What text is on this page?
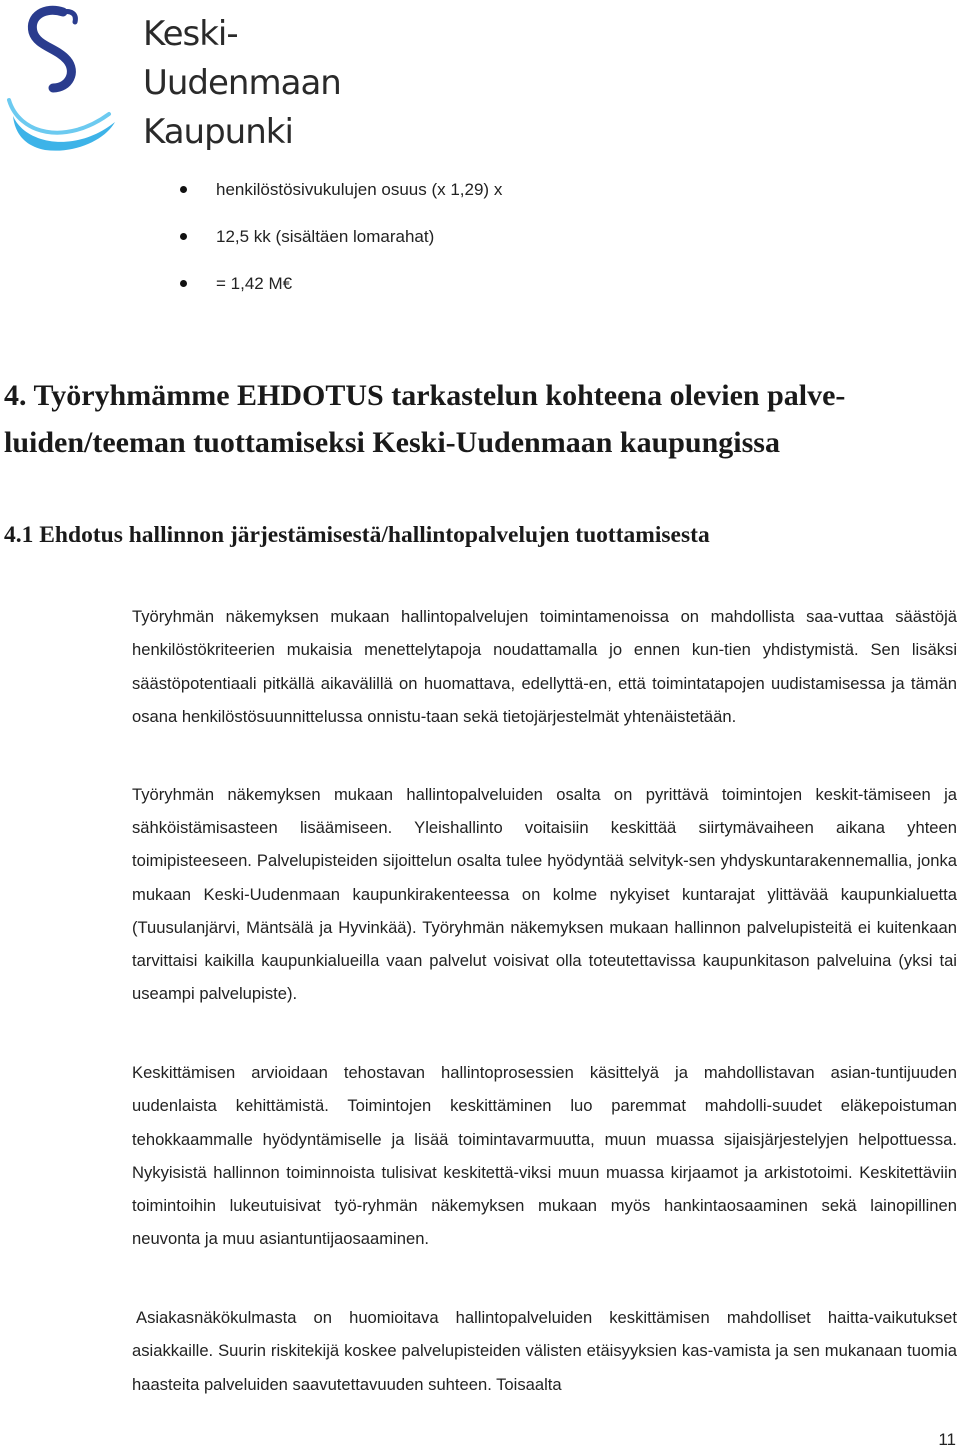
Keski-
Uudenmaan
Kaupunki
henkilöstösivukulujen osuus (x 1,29) x
12,5 kk (sisältäen lomarahat)
= 1,42 M€
4. Työryhmämme EHDOTUS tarkastelun kohteena olevien palve-luiden/teeman tuottamiseksi Keski-Uudenmaan kaupungissa
4.1 Ehdotus hallinnon järjestämisestä/hallintopalvelujen tuottamisesta

Työryhmän näkemyksen mukaan hallintopalvelujen toimintamenoissa on mahdollista saa-vuttaa säästöjä henkilöstökriteerien mukaisia menettelytapoja noudattamalla jo ennen kun-tien yhdistymistä. Sen lisäksi säästöpotentiaali pitkällä aikavälillä on huomattava, edellyttä-en, että toimintatapojen uudistamisessa ja tämän osana henkilöstösuunnittelussa onnistu-taan sekä tietojärjestelmät yhtenäistetään.

Työryhmän näkemyksen mukaan hallintopalveluiden osalta on pyrittävä toimintojen keskit-tämiseen ja sähköistämisasteen lisäämiseen. Yleishallinto voitaisiin keskittää siirtymävaiheen aikana yhteen toimipisteeseen. Palvelupisteiden sijoittelun osalta tulee hyödyntää selvityk-sen yhdyskuntarakennemallia, jonka mukaan Keski-Uudenmaan kaupunkirakenteessa on kolme nykyiset kuntarajat ylittävää kaupunkialuetta (Tuusulanjärvi, Mäntsälä ja Hyvinkää). Työryhmän näkemyksen mukaan hallinnon palvelupisteitä ei kuitenkaan tarvittaisi kaikilla kaupunkialueilla vaan palvelut voisivat olla toteutettavissa kaupunkitason palveluina (yksi tai useampi palvelupiste).

Keskittämisen arvioidaan tehostavan hallintoprosessien käsittelyä ja mahdollistavan asian-tuntijuuden uudenlaista kehittämistä. Toimintojen keskittäminen luo paremmat mahdolli-suudet eläkepoistuman tehokkaammalle hyödyntämiselle ja lisää toimintavarmuutta, muun muassa sijaisjärjestelyjen helpottuessa. Nykyisistä hallinnon toiminnoista tulisivat keskitettä-viksi muun muassa kirjaamot ja arkistotoimi. Keskitettäviin toimintoihin lukeutuisivat työ-ryhmän näkemyksen mukaan myös hankintaosaaminen sekä lainopillinen neuvonta ja muu asiantuntijaosaaminen.

Asiakasnäkökulmasta on huomioitava hallintopalveluiden keskittämisen mahdolliset haitta-vaikutukset asiakkaille. Suurin riskitekijä koskee palvelupisteiden välisten etäisyyksien kas-vamista ja sen mukanaan tuomia haasteita palveluiden saavutettavuuden suhteen. Toisaalta

11
